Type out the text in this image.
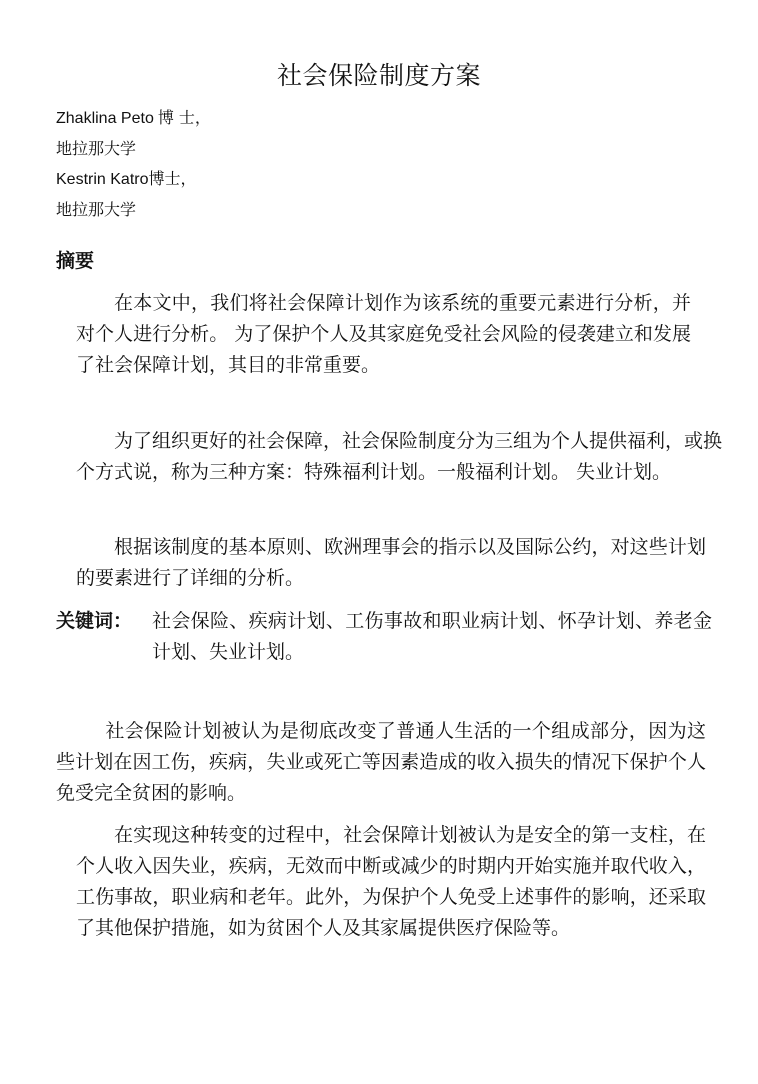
社会保险制度方案
Zhaklina Peto 博 士，
地拉那大学
Kestrin Katro博士，
地拉那大学
摘要

在本文中，我们将社会保障计划作为该系统的重要元素进行分析，并对个人进行分析。 为了保护个人及其家庭免受社会风险的侵袭建立和发展了社会保障计划，其目的非常重要。

为了组织更好的社会保障，社会保险制度分为三组为个人提供福利，或换个方式说，称为三种方案：特殊福利计划。一般福利计划。 失业计划。

根据该制度的基本原则、欧洲理事会的指示以及国际公约，对这些计划的要素进行了详细的分析。

关键词： 社会保险、疾病计划、工伤事故和职业病计划、怀孕计划、养老金计划、失业计划。

社会保险计划被认为是彻底改变了普通人生活的一个组成部分，因为这些计划在因工伤，疾病，失业或死亡等因素造成的收入损失的情况下保护个人免受完全贫困的影响。

在实现这种转变的过程中，社会保障计划被认为是安全的第一支柱，在个人收入因失业，疾病，无效而中断或减少的时期内开始实施并取代收入， 工伤事故，职业病和老年。此外，为保护个人免受上述事件的影响，还采取了其他保护措施，如为贫困个人及其家属提供医疗保险等。
